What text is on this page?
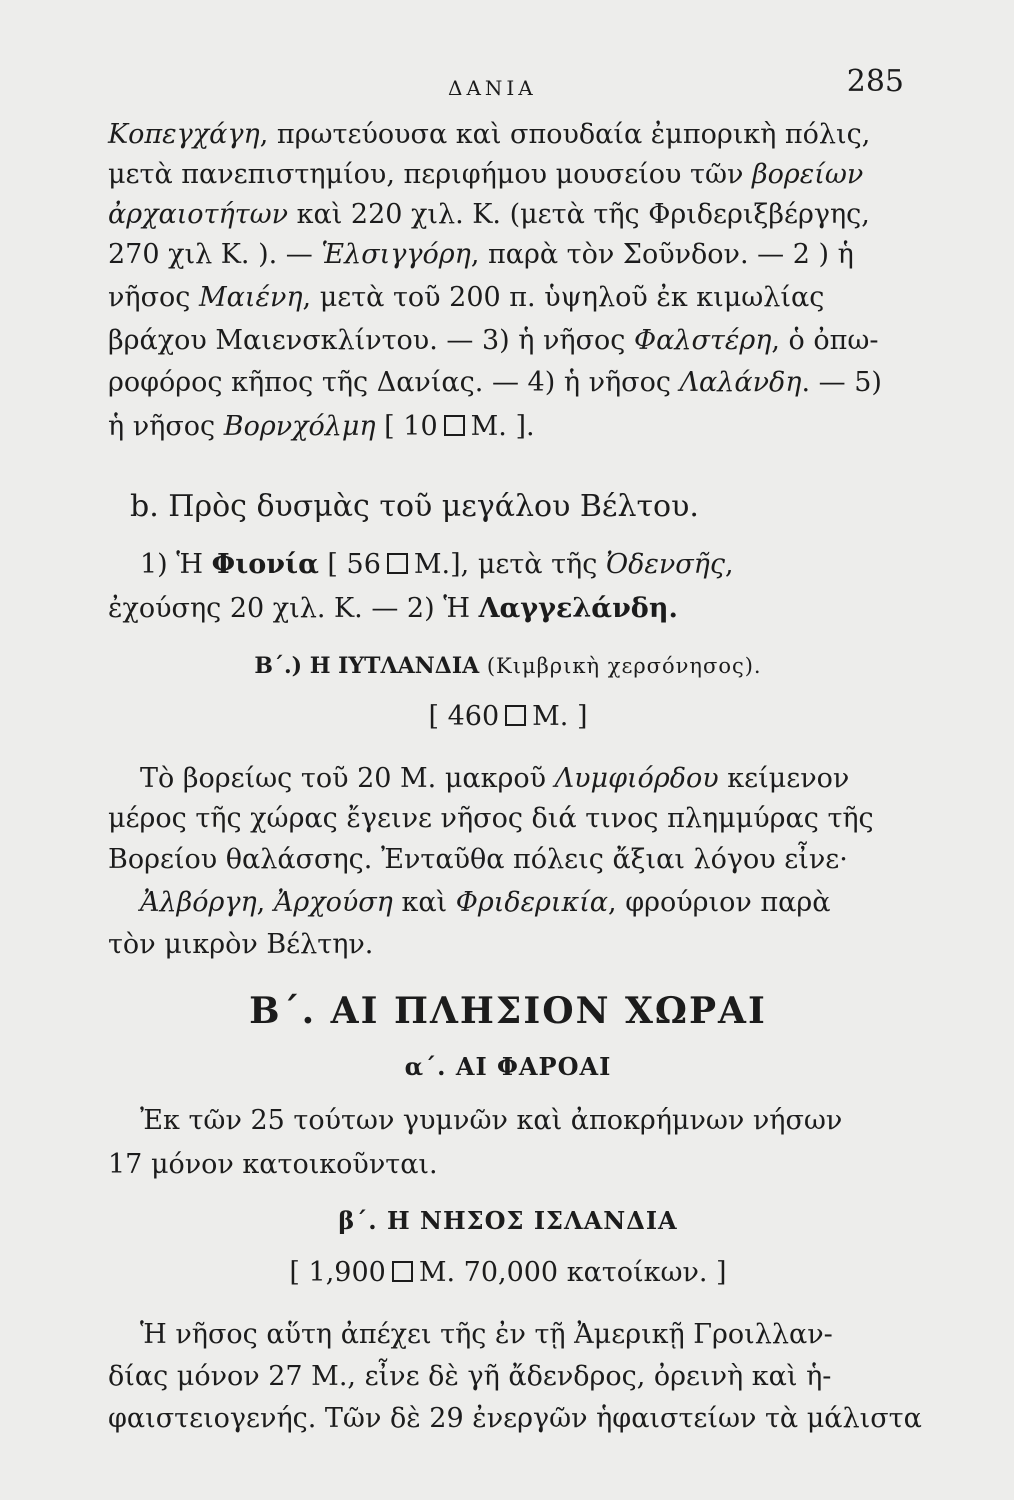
ΔΑΝΙΑ	285
Κοπεγχάγη, πρωτεύουσα καὶ σπουδαία ἐμπορικὴ πόλις,
μετὰ πανεπιστημίου, περιφήμου μουσείου τῶν βορείων
ἀρχαιοτήτων καὶ 220 χιλ. Κ. (μετὰ τῆς Φριδεριξβέργης,
270 χιλ Κ. ). — Ἑλσιγγόρη, παρὰ τὸν Σοῦνδον. — 2 ) ἡ
νῆσος Μαιένη, μετὰ τοῦ 200 π. ὑψηλοῦ ἐκ κιμωλίας
βράχου Μαιενσκλίντου. — 3) ἡ νῆσος Φαλστέρη, ὁ ὀπω-
ροφόρος κῆπος τῆς Δανίας. — 4) ἡ νῆσος Λαλάνδη. — 5)
ἡ νῆσος Βορνχόλμη [ 10 Μ. ].
b. Πρὸς δυσμὰς τοῦ μεγάλου Βέλτου.
1) Ἡ Φιονία [ 56 Μ.], μετὰ τῆς Ὀδενσῆς,
ἐχούσης 20 χιλ. Κ. — 2) Ἡ Λαγγελάνδη.
Β΄.) Η ΙΥΤΛΑΝΔΙΑ (Κιμβρικὴ χερσόνησος).
[ 460 Μ. ]
Τὸ βορείως τοῦ 20 Μ. μακροῦ Λυμφιόρδου κείμενον
μέρος τῆς χώρας ἔγεινε νῆσος διά τινος πλημμύρας τῆς
Βορείου θαλάσσης. Ἐνταῦθα πόλεις ἄξιαι λόγου εἶνε·
Ἀλβόργη, Ἀρχούση καὶ Φριδερικία, φρούριον παρὰ
τὸν μικρὸν Βέλτην.
Β΄. ΑΙ ΠΛΗΣΙΟΝ ΧΩΡΑΙ
α΄. ΑΙ ΦΑΡΟΑΙ
Ἐκ τῶν 25 τούτων γυμνῶν καὶ ἀποκρήμνων νήσων
17 μόνον κατοικοῦνται.
β΄. Η ΝΗΣΟΣ ΙΣΛΑΝΔΙΑ
[ 1,900 Μ. 70,000 κατοίκων. ]
Ἡ νῆσος αὕτη ἀπέχει τῆς ἐν τῇ Ἀμερικῇ Γροιλλαν-
δίας μόνον 27 Μ., εἶνε δὲ γῆ ἄδενδρος, ὀρεινὴ καὶ ἡ-
φαιστειογενής. Τῶν δὲ 29 ἐνεργῶν ἡφαιστείων τὰ μάλιστα
